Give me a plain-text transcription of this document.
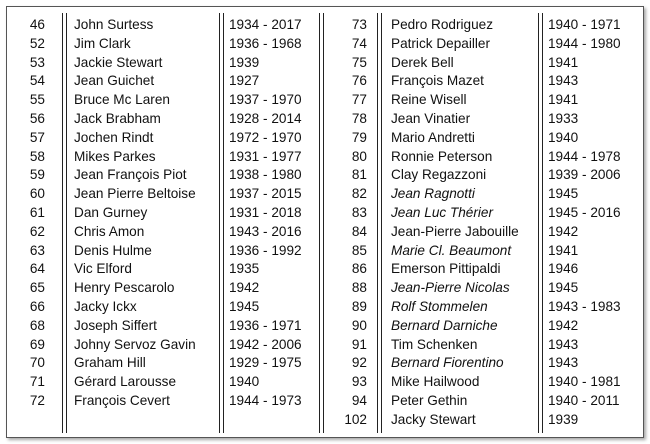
46 John Surtess	1934 - 2017
52 Jim Clark	1936 - 1968
53 Jackie Stewart	1939
54 Jean Guichet	1927
55 Bruce Mc Laren	1937 - 1970
56 Jack Brabham	1928 - 2014
57 Jochen Rindt	1972 - 1970
58 Mikes Parkes	1931 - 1977
59 Jean François Piot	1938 - 1980
60 Jean Pierre Beltoise 1937 - 2015
61 Dan Gurney	1931 - 2018
62 Chris Amon	1943 - 2016
63 Denis Hulme	1936 - 1992
64 Vic Elford	1935
65 Henry Pescarolo	1942
66 Jacky Ickx	1945
68 Joseph Siffert	1936 - 1971
69 Johny Servoz Gavin 1942 - 2006
70 Graham Hill	1929 - 1975
71 Gérard Larousse	1940
72 François Cevert	1944 - 1973
73 Pedro Rodriguez	1940 - 1971
74 Patrick Depailler	1944 - 1980
75 Derek Bell	1941
76 François Mazet	1943
77 Reine Wisell	1941
78 Jean Vinatier	1933
79 Mario Andretti	1940
80 Ronnie Peterson	1944 - 1978
81 Clay Regazzoni	1939 - 2006
82 Jean Ragnotti	1945
83 Jean Luc Thérier	1945 - 2016
84 Jean-Pierre Jabouille 1942
85 Marie Cl. Beaumont	1941
86 Emerson Pittipaldi	1946
88 Jean-Pierre Nicolas	1945
89 Rolf Stommelen	1943 - 1983
90 Bernard Darniche	1942
91 Tim Schenken	1943
92 Bernard Fiorentino	1943
93 Mike Hailwood	1940 - 1981
94 Peter Gethin	1940 - 2011
102 Jacky Stewart	1939
